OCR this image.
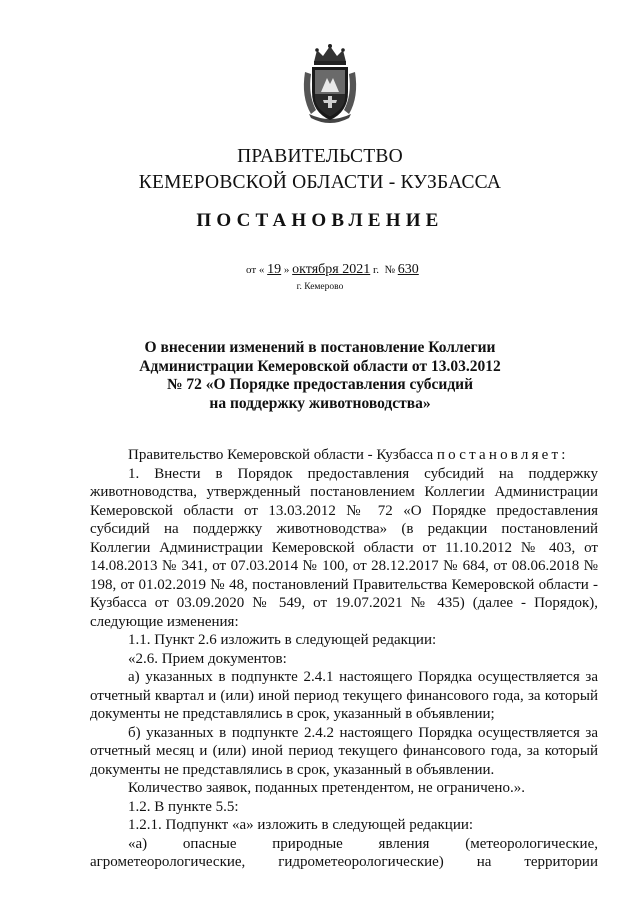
ПРАВИТЕЛЬСТВО
КЕМЕРОВСКОЙ ОБЛАСТИ - КУЗБАССА
ПОСТАНОВЛЕНИЕ
от « 19 » октября 2021 г. № 630
г. Кемерово
О внесении изменений в постановление Коллегии
Администрации Кемеровской области от 13.03.2012
№ 72 «О Порядке предоставления субсидий
на поддержку животноводства»

Правительство Кемеровской области - Кузбасса постановляет:

1. Внести в Порядок предоставления субсидий на поддержку животноводства, утвержденный постановлением Коллегии Администрации Кемеровской области от 13.03.2012 № 72 «О Порядке предоставления субсидий на поддержку животноводства» (в редакции постановлений Коллегии Администрации Кемеровской области от 11.10.2012 № 403, от 14.08.2013 № 341, от 07.03.2014 № 100, от 28.12.2017 № 684, от 08.06.2018 № 198, от 01.02.2019 № 48, постановлений Правительства Кемеровской области - Кузбасса от 03.09.2020 № 549, от 19.07.2021 № 435) (далее - Порядок), следующие изменения:

1.1. Пункт 2.6 изложить в следующей редакции:

«2.6. Прием документов:

а) указанных в подпункте 2.4.1 настоящего Порядка осуществляется за отчетный квартал и (или) иной период текущего финансового года, за который документы не представлялись в срок, указанный в объявлении;

б) указанных в подпункте 2.4.2 настоящего Порядка осуществляется за отчетный месяц и (или) иной период текущего финансового года, за который документы не представлялись в срок, указанный в объявлении.

Количество заявок, поданных претендентом, не ограничено.».

1.2. В пункте 5.5:

1.2.1. Подпункт «а» изложить в следующей редакции:

«а) опасные природные явления (метеорологические,

агрометеорологические, гидрометеорологические) на территории
